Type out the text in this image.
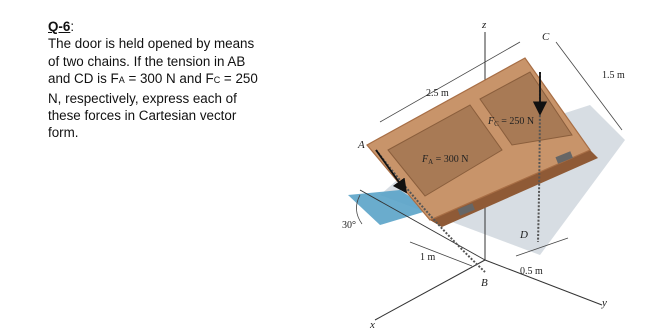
Q-6:
The door is held opened by means
of two chains. If the tension in AB
and CD is FA = 300 N and FC = 250
N, respectively, express each of
these forces in Cartesian vector
form.
z
x
y
A
B
C
D
2.5 m
1.5 m
1 m
0.5 m
30°
$F_A = 300$ N
$F_C = 250$ N
